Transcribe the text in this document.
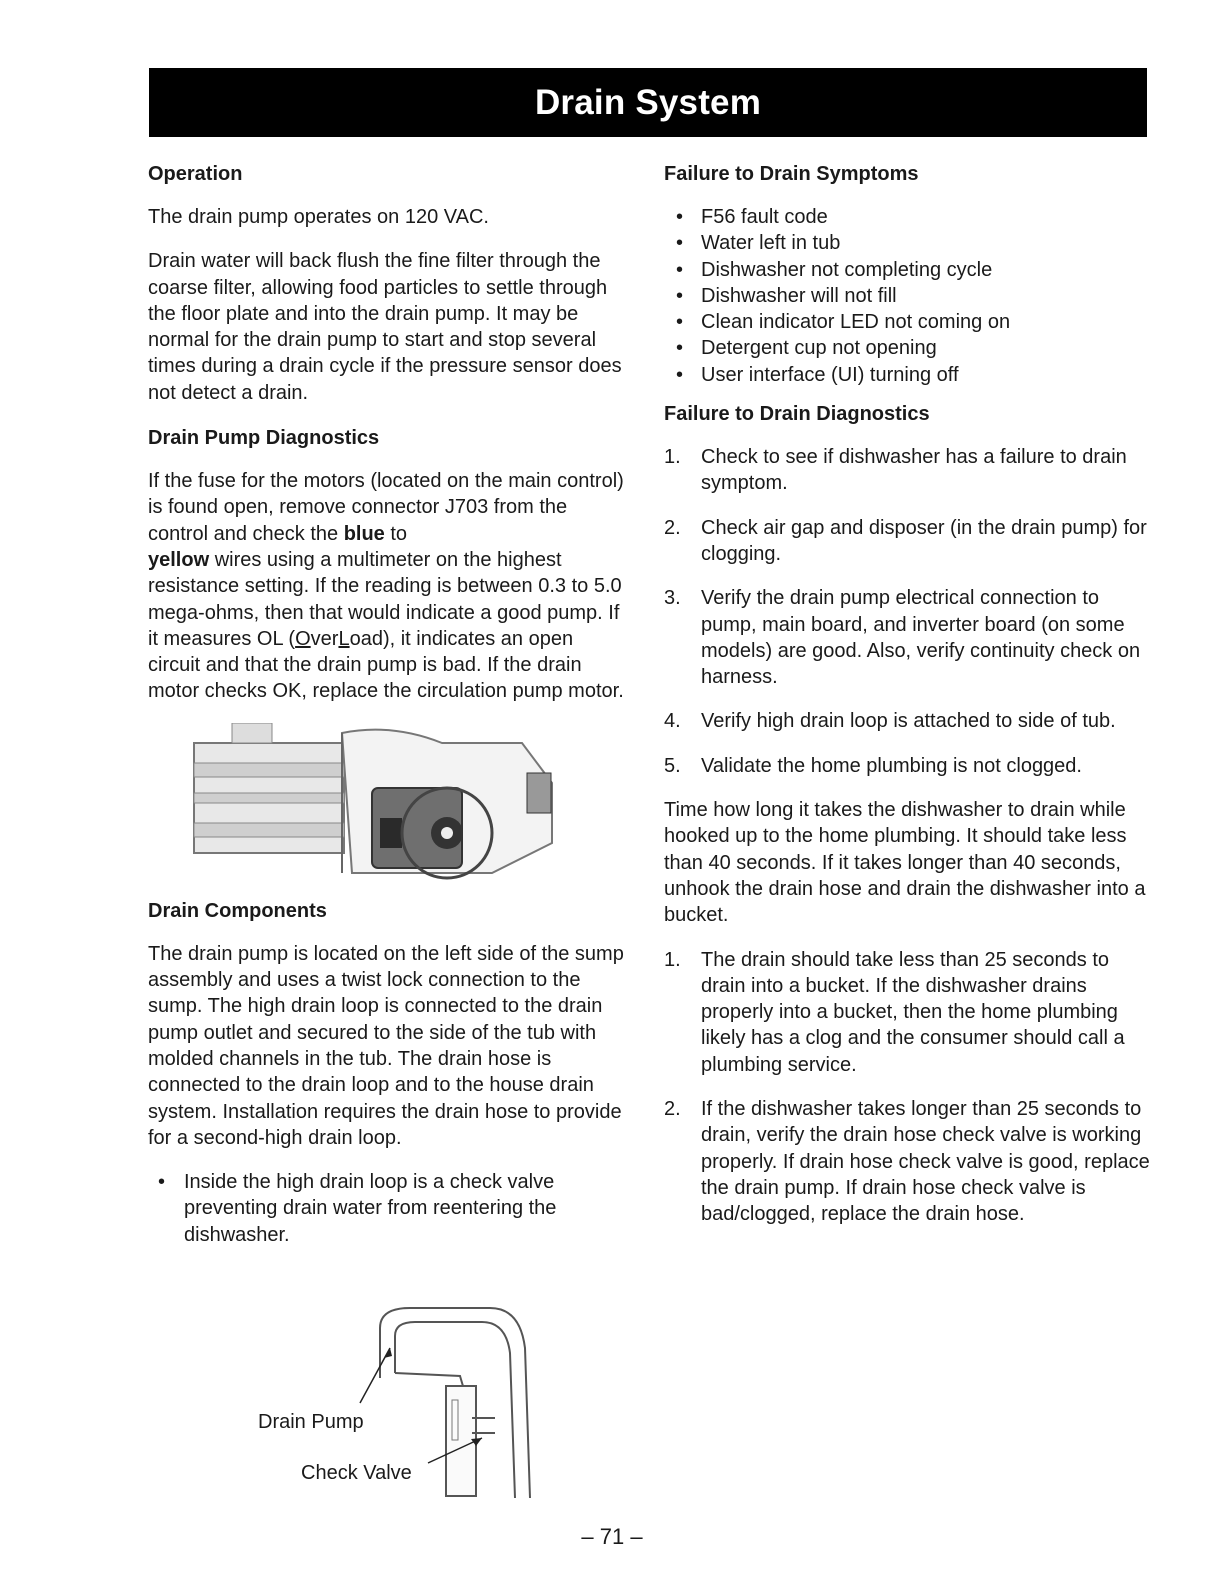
Drain System
Operation

The drain pump operates on 120 VAC.

Drain water will back flush the fine filter through the coarse filter, allowing food particles to settle through the floor plate and into the drain pump. It may be normal for the drain pump to start and stop several times during a drain cycle if the pressure sensor does not detect a drain.

Drain Pump Diagnostics

If the fuse for the motors (located on the main control) is found open, remove connector J703 from the control and check the blue to
yellow wires using a multimeter on the highest resistance setting. If the reading is between 0.3 to 5.0 mega-ohms, then that would indicate a good pump. If it measures OL (OverLoad), it indicates an open circuit and that the drain pump is bad. If the drain motor checks OK, replace the circulation pump motor.

Drain Components

The drain pump is located on the left side of the sump assembly and uses a twist lock connection to the sump. The high drain loop is connected to the drain pump outlet and secured to the side of the tub with molded channels in the tub. The drain hose is connected to the drain loop and to the house drain system. Installation requires the drain hose to provide for a second-high drain loop.

• Inside the high drain loop is a check valve preventing drain water from reentering the dishwasher.
Drain Pump
Check Valve
Failure to Drain Symptoms
• F56 fault code
• Water left in tub
• Dishwasher not completing cycle
• Dishwasher will not fill
• Clean indicator LED not coming on
• Detergent cup not opening
• User interface (UI) turning off
Failure to Drain Diagnostics
1. Check to see if dishwasher has a failure to drain symptom.
2. Check air gap and disposer (in the drain pump) for clogging.
3. Verify the drain pump electrical connection to pump, main board, and inverter board (on some models) are good. Also, verify continuity check on harness.
4. Verify high drain loop is attached to side of tub.
5. Validate the home plumbing is not clogged.

Time how long it takes the dishwasher to drain while hooked up to the home plumbing. It should take less than 40 seconds. If it takes longer than 40 seconds, unhook the drain hose and drain the dishwasher into a bucket.

1. The drain should take less than 25 seconds to drain into a bucket. If the dishwasher drains properly into a bucket, then the home plumbing likely has a clog and the consumer should call a plumbing service.
2. If the dishwasher takes longer than 25 seconds to drain, verify the drain hose check valve is working properly. If drain hose check valve is good, replace the drain pump. If drain hose check valve is bad/clogged, replace the drain hose.
– 71 –
